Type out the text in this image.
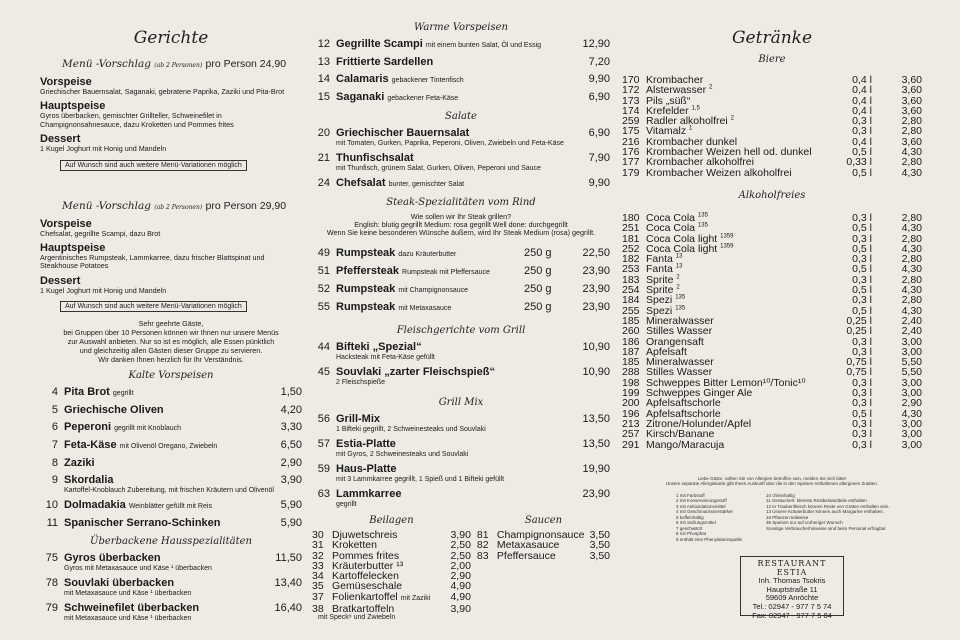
Gerichte
Menü -Vorschlag (ab 2 Personen) pro Person 24,90
Vorspeise
Griechischer Bauernsalat, Saganaki, gebratene Paprika, Zaziki und Pita-Brot
Hauptspeise
Gyros überbacken, gemischter Grillteller, Schweinefilet in Champignonsahnesauce, dazu Kroketten und Pommes frites
Dessert
1 Kugel Joghurt mit Honig und Mandeln
Auf Wunsch sind auch weitere Menü-Variationen möglich
Menü -Vorschlag (ab 2 Personen) pro Person 29,90
Vorspeise
Chefsalat, gegrillte Scampi, dazu Brot
Hauptspeise
Argentinisches Rumpsteak, Lammkarree, dazu frischer Blattspinat und Steakhouse Potatoes
Dessert
1 Kugel Joghurt mit Honig und Mandeln
Auf Wunsch sind auch weitere Menü-Variationen möglich
Sehr geehrte Gäste,
bei Gruppen über 10 Personen können wir Ihnen nur unsere Menüs
zur Auswahl anbieten. Nur so ist es möglich, alle Essen pünktlich
und gleichzeitig allen Gästen dieser Gruppe zu servieren.
Wir danken Ihnen herzlich für Ihr Verständnis.
Kalte Vorspeisen
4 Pita Brot gegrillt	1,50
5 Griechische Oliven	4,20
6 Peperoni gegrillt mit Knoblauch	3,30
7 Feta-Käse mit Olivenöl Oregano, Zwiebeln	6,50
8 Zaziki	2,90
9 Skordalia	3,90
Kartoffel-Knoblauch Zubereitung, mit frischen Kräutern und Olivenöl
10 Dolmadakia Weinblätter gefüllt mit Reis	5,90
11 Spanischer Serrano-Schinken	5,90
Überbackene Hausspezialitäten
75 Gyros überbacken	11,50
Gyros mit Metaxasauce und Käse ¹ überbacken
78 Souvlaki überbacken	13,40
mit Metaxasauce und Käse ¹ überbacken
79 Schweinefilet überbacken	16,40
mit Metaxasauce und Käse ¹ überbacken
Warme Vorspeisen
12 Gegrillte Scampi mit einem bunten Salat, Öl und Essig	12,90
13 Frittierte Sardellen	7,20
14 Calamaris gebackener Tintenfisch	9,90
15 Saganaki gebackener Feta-Käse	6,90
Salate
20 Griechischer Bauernsalat	6,90
mit Tomaten, Gurken, Paprika, Peperoni, Oliven, Zwiebeln und Feta-Käse
21 Thunfischsalat	7,90
mit Thunfisch, grünem Salat, Gurken, Oliven, Peperoni und Sauce
24 Chefsalat bunter, gemischter Salat	9,90
Steak-Spezialitäten vom Rind
Wie sollen wir Ihr Steak grillen?
English: blutig gegrillt Medium: rosa gegrillt Well done: durchgegrillt
Wenn Sie keine besonderen Wünsche äußern, wird Ihr Steak Medium (rosa) gegrillt.
49 Rumpsteak dazu Kräuterbutter	250 g	22,50
51 Pfeffersteak Rumpsteak mit Pfeffersauce	250 g	23,90
52 Rumpsteak mit Champignonsauce	250 g	23,90
55 Rumpsteak mit Metaxasauce	250 g	23,90
Fleischgerichte vom Grill
44 Bifteki „Spezial“	10,90
Hacksteak mit Feta-Käse gefüllt
45 Souvlaki „zarter Fleischspieß“	10,90
2 Fleischspieße
Grill Mix
56 Grill-Mix	13,50
1 Bifteki gegrillt, 2 Schweinesteaks und Souvlaki
57 Estia-Platte	13,50
mit Gyros, 2 Schweinesteaks und Souvlaki
59 Haus-Platte	19,90
mit 3 Lammkarree gegrillt, 1 Spieß und 1 Bifteki gefüllt
63 Lammkarree	23,90
gegrillt
Beilagen
30 Djuwetschreis	3,90
31 Kroketten	2,50
32 Pommes frites	2,50
33 Kräuterbutter ¹³	2,00
34 Kartoffelecken	2,90
35 Gemüseschale	4,90
37 Folienkartoffel mit Zaziki	4,90
38 Bratkartoffeln	3,90
mit Speck⁸ und Zwiebeln
Saucen
81 Champignonsauce 3,50
82 Metaxasauce	3,50
83 Pfeffersauce	3,50
Getränke
Biere
170 Krombacher	0,4 l	3,60
172 Alsterwasser $^2$	0,4 l	3,60
173 Pils „süß“	0,4 l	3,60
174 Krefelder $^{1,5}$	0,4 l	3,60
259 Radler alkoholfrei $^2$	0,3 l	2,80
175 Vitamalz $^1$	0,3 l	2,80
216 Krombacher dunkel	0,4 l	3,60
176 Krombacher Weizen hell od. dunkel	0,5 l	4,30
177 Krombacher alkoholfrei	0,33 l	2,80
179 Krombacher Weizen alkoholfrei	0,5 l	4,30
Alkoholfreies
180 Coca Cola $^{135}$	0,3 l	2,80
251 Coca Cola $^{135}$	0,5 l	4,30
181 Coca Cola light $^{1359}$	0,3 l	2,80
252 Coca Cola light $^{1359}$	0,5 l	4,30
182 Fanta $^{13}$	0,3 l	2,80
253 Fanta $^{13}$	0,5 l	4,30
183 Sprite $^2$	0,3 l	2,80
254 Sprite $^2$	0,5 l	4,30
184 Spezi $^{135}$	0,3 l	2,80
255 Spezi $^{135}$	0,5 l	4,30
185 Mineralwasser	0,25 l	2,40
260 Stilles Wasser	0,25 l	2,40
186 Orangensaft	0,3 l	3,00
187 Apfelsaft	0,3 l	3,00
185 Mineralwasser	0,75 l	5,50
288 Stilles Wasser	0,75 l	5,50
198 Schweppes Bitter Lemon¹⁰/Tonic¹⁰	0,3 l	3,00
199 Schweppes Ginger Ale	0,3 l	3,00
200 Apfelsaftschorle	0,3 l	2,90
196 Apfelsaftschorle	0,5 l	4,30
213 Zitrone/Holunder/Apfel	0,3 l	3,00
257 Kirsch/Banane	0,3 l	3,00
291 Mango/Maracuja	0,3 l	3,00
Liebe Gäste, sollten Sie von Allergien betroffen sein, melden Sie sich bitte!
Unsere separate Allergiekarte gibt Ihnen Auskunft über die in den Speisen enthaltenen allergenen Zutaten.
1 mit Farbstoff
2 mit Konservierungsstoff
3 mit Antioxidationsmittel
4 mit Geschmacksverstärker
5 koffeinhaltig
6 mit Süßungsmittel
7 geschwärzt
8 mit Phosphat
9 enthält eine Phenylalaninquelle
10 chininhaltig
11 Geräuchert: kleinste Restbestandteile enthalten
12 In Traubenfleisch können Reste von Gräten enthalten sein.
13 Unsere Kräuterbutter können auch Margarine enthalten.
16 Pflanzen teilweise
36 Speisen nur auf vorheriger Wunsch
Sonstige Verbraucherhinweise sind beim Personal erfragbar
RESTAURANT ESTIA
Inh. Thomas Tsokris
Hauptstraße 11
59609 Anröchte
Tel.: 02947 - 977 7 5 74
Fax: 02947 - 977 7 5 84
